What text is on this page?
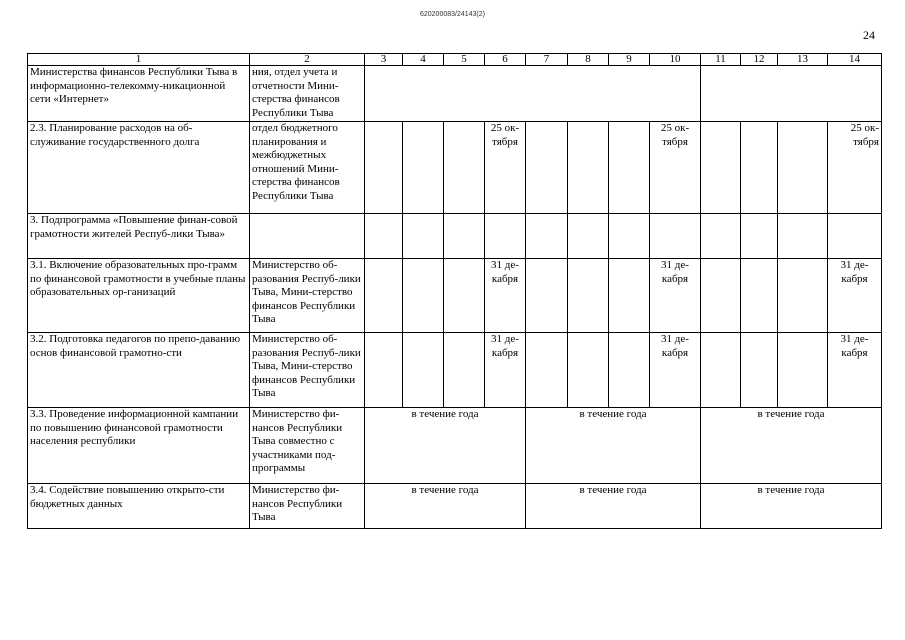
620200083/24143(2)
24
1	2	3	4	5	6	7	8	9	10	11	12	13	14
Министерства финансов Республики Тыва в информационно-телекомму-никационной сети «Интернет»	ния, отдел учета и отчетности Мини-стерства финансов Республики Тыва												
2.3. Планирование расходов на об-служивание государственного долга	отдел бюджетного планирования и межбюджетных отношений Мини-стерства финансов Республики Тыва				25 ок-тября				25 ок-тября				25 ок-тября
3. Подпрограмма «Повышение финан-совой грамотности жителей Респуб-лики Тыва»													
3.1. Включение образовательных про-грамм по финансовой грамотности в учебные планы образовательных ор-ганизаций	Министерство об-разования Респуб-лики Тыва, Мини-стерство финансов Республики Тыва				31 де-кабря				31 де-кабря				31 де-кабря
3.2. Подготовка педагогов по препо-даванию основ финансовой грамотно-сти	Министерство об-разования Респуб-лики Тыва, Мини-стерство финансов Республики Тыва				31 де-кабря				31 де-кабря				31 де-кабря
3.3. Проведение информационной кампании по повышению финансовой грамотности населения республики	Министерство фи-нансов Республики Тыва совместно с участниками под-программы	в течение года				в течение года				в течение года			
3.4. Содействие повышению открыто-сти бюджетных данных	Министерство фи-нансов Республики Тыва	в течение года				в течение года				в течение года			
